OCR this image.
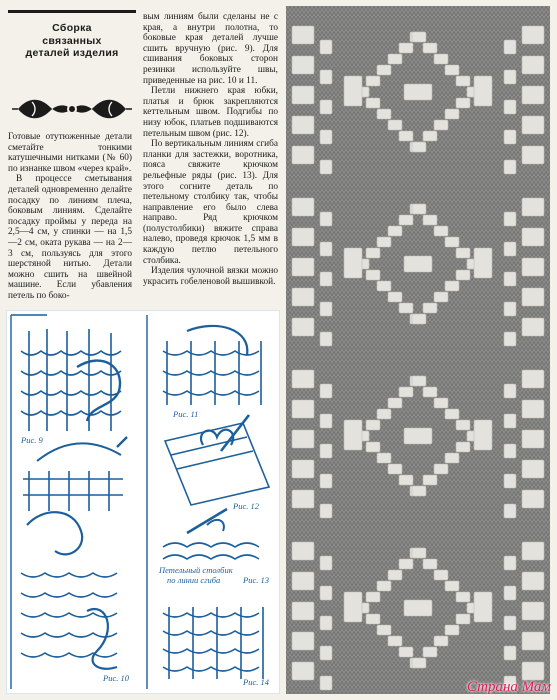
Сборка
связанных
деталей изделия

Готовые отутюженные детали сметайте тонкими катушечными нитками (№ 60) по изнанке швом «через край».

В процессе сметывания деталей одновременно делайте посадку по линиям плеча, боковым линиям. Сделайте посадку проймы у переда на 2,5—4 см, у спинки — на 1,5—2 см, оката рукава — на 2—3 см, пользуясь для этого шерстяной нитью. Детали можно сшить на швейной машине. Если убавления петель по боко-

вым линиям были сделаны не с края, а внутри полотна, то боковые края деталей лучше сшить вручную (рис. 9). Для сшивания боковых сторон резинки используйте швы, приведенные на рис. 10 и 11.

Петли нижнего края юбки, платья и брюк закрепляются кеттельным швом. Подгибы по низу юбок, платьев подшиваются петельным швом (рис. 12).

По вертикальным линиям сгиба планки для застежки, воротника, пояса свяжите крючком рельефные ряды (рис. 13). Для этого согните деталь по петельному столбику так, чтобы направление его было слева направо. Ряд крючком (полустолбики) вяжите справа налево, проведя крючок 1,5 мм в каждую петлю петельного столбика.

Изделия чулочной вязки можно украсить гобеленовой вышивкой.

Рис. 9
Рис. 10
Рис. 11
Рис. 12
Петельный столбик
по линии сгиба	Рис. 13
Рис. 14	Страна Мам
